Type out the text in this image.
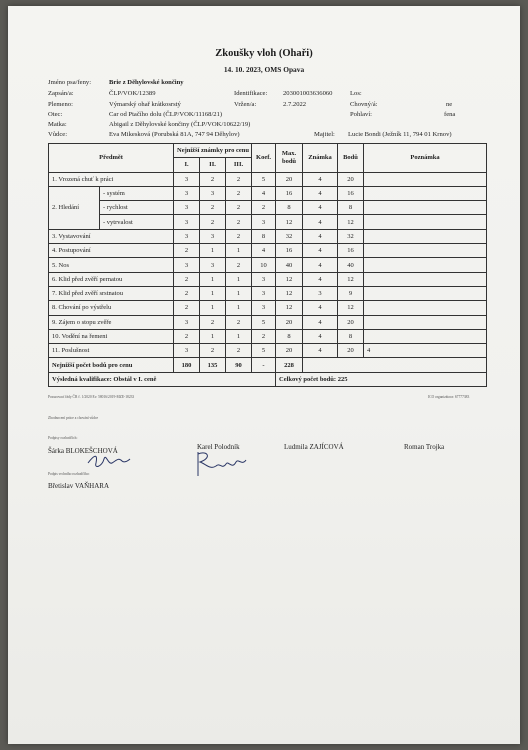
Zkoušky vloh (Ohaři)
14. 10. 2023, OMS Opava
Jméno psa/feny:	Brie z Děhylovské končiny
Zapsán/a:	ČLP/VOK/12389	Identifikace: 203001003636060	Los:
Plemeno:	Výmarský ohař krátkosrstý	Vržen/a:	2.7.2022	Chovný/á:	ne
Otec:	Car od Ptačího dolu (ČLP/VOK/11168/21)	Pohlaví:	fena
Matka:	Abigail z Děhylovské končiny (ČLP/VOK/10622/19)
Vůdce:	Eva Mikesková (Porubská 81A, 747 94 Děhylov)	Majitel: Lucie Bondi (Ježník 11, 794 01 Krnov)
Předmět		Nejnižší známky pro cenu			Koef.	Max. bodů	Známka	Bodů	Poznámka
		I.	II.	III.					
1. Vrozená chuť k práci		3	2	2	5	20	4	20	
2. Hledání	- systém	3	3	2	4	16	4	16	
	- rychlost	3	2	2	2	8	4	8	
	- vytrvalost	3	2	2	3	12	4	12	
3. Vystavování		3	3	2	8	32	4	32	
4. Postupování		2	1	1	4	16	4	16	
5. Nos		3	3	2	10	40	4	40	
6. Klid před zvěří pernatou		2	1	1	3	12	4	12	
7. Klid před zvěří srstnatou		2	1	1	3	12	3	9	
8. Chování po výstřelu		2	1	1	3	12	4	12	
9. Zájem o stopu zvěře		3	2	2	5	20	4	20	
10. Vodění na řemeni		2	1	1	2	8	4	8	
11. Poslušnost		3	2	2	5	20	4	20	4
Nejnižší počet bodů pro cenu		180	135	90	-	228			
Výsledná kvalifikace: Obstál v I. ceně						Celkový počet bodů: 225			
Posuzovací řády ČR č. 1/2020 Ev. 58016/2019-MZE-18233	ICO organizátora: 67777383
Zhodnocení práce a chování vůdce
Podpisy rozhodčích:
Šárka BLOKEŠCHOVÁ	Karel Polodník	Ludmila ZAJÍCOVÁ	Roman Trojka
Podpis vrchního rozhodčího:
Břetislav VAŇHARA
